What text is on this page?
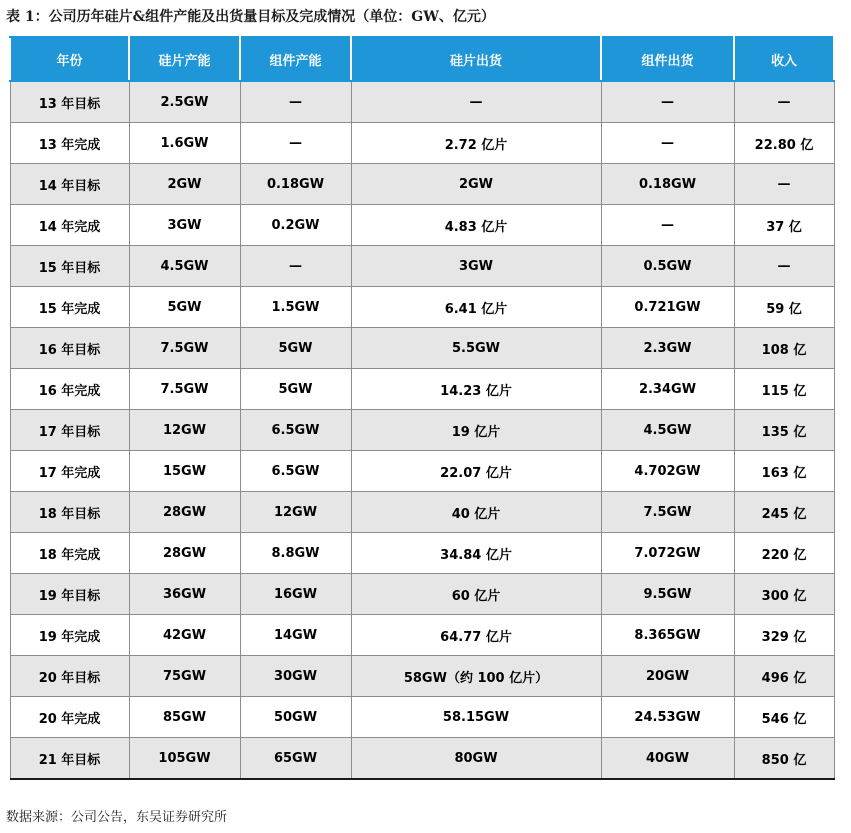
表 1：公司历年硅片&组件产能及出货量目标及完成情况（单位：GW、亿元）
年份	硅片产能	组件产能	硅片出货	组件出货	收入
13 年目标	2.5GW	—	—	—	—
13 年完成	1.6GW	—	2.72 亿片	—	22.80 亿
14 年目标	2GW	0.18GW	2GW	0.18GW	—
14 年完成	3GW	0.2GW	4.83 亿片	—	37 亿
15 年目标	4.5GW	—	3GW	0.5GW	—
15 年完成	5GW	1.5GW	6.41 亿片	0.721GW	59 亿
16 年目标	7.5GW	5GW	5.5GW	2.3GW	108 亿
16 年完成	7.5GW	5GW	14.23 亿片	2.34GW	115 亿
17 年目标	12GW	6.5GW	19 亿片	4.5GW	135 亿
17 年完成	15GW	6.5GW	22.07 亿片	4.702GW	163 亿
18 年目标	28GW	12GW	40 亿片	7.5GW	245 亿
18 年完成	28GW	8.8GW	34.84 亿片	7.072GW	220 亿
19 年目标	36GW	16GW	60 亿片	9.5GW	300 亿
19 年完成	42GW	14GW	64.77 亿片	8.365GW	329 亿
20 年目标	75GW	30GW	58GW（约 100 亿片）	20GW	496 亿
20 年完成	85GW	50GW	58.15GW	24.53GW	546 亿
21 年目标	105GW	65GW	80GW	40GW	850 亿
数据来源：公司公告，东吴证券研究所
